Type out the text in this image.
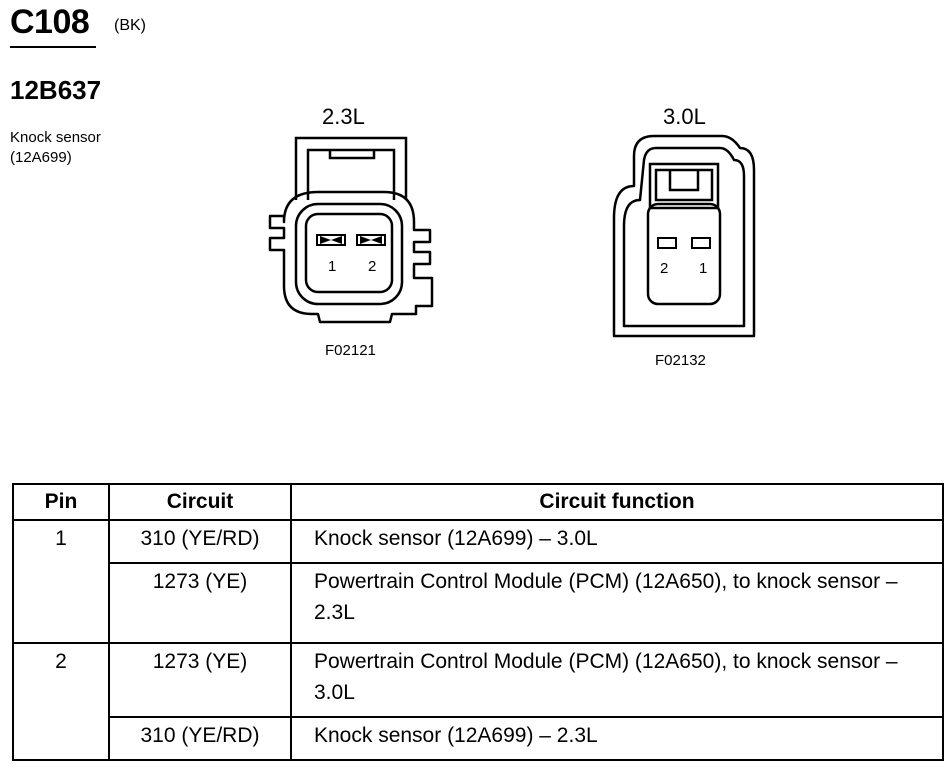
C108 (BK)
12B637
Knock sensor
(12A699)
2.3L
1 2
F02121
3.0L
2 1
F02132
Pin	Circuit	Circuit function
1	310 (YE/RD)	Knock sensor (12A699) – 3.0L
	1273 (YE)	Powertrain Control Module (PCM) (12A650), to knock sensor – 2.3L
2	1273 (YE)	Powertrain Control Module (PCM) (12A650), to knock sensor – 3.0L
	310 (YE/RD)	Knock sensor (12A699) – 2.3L
